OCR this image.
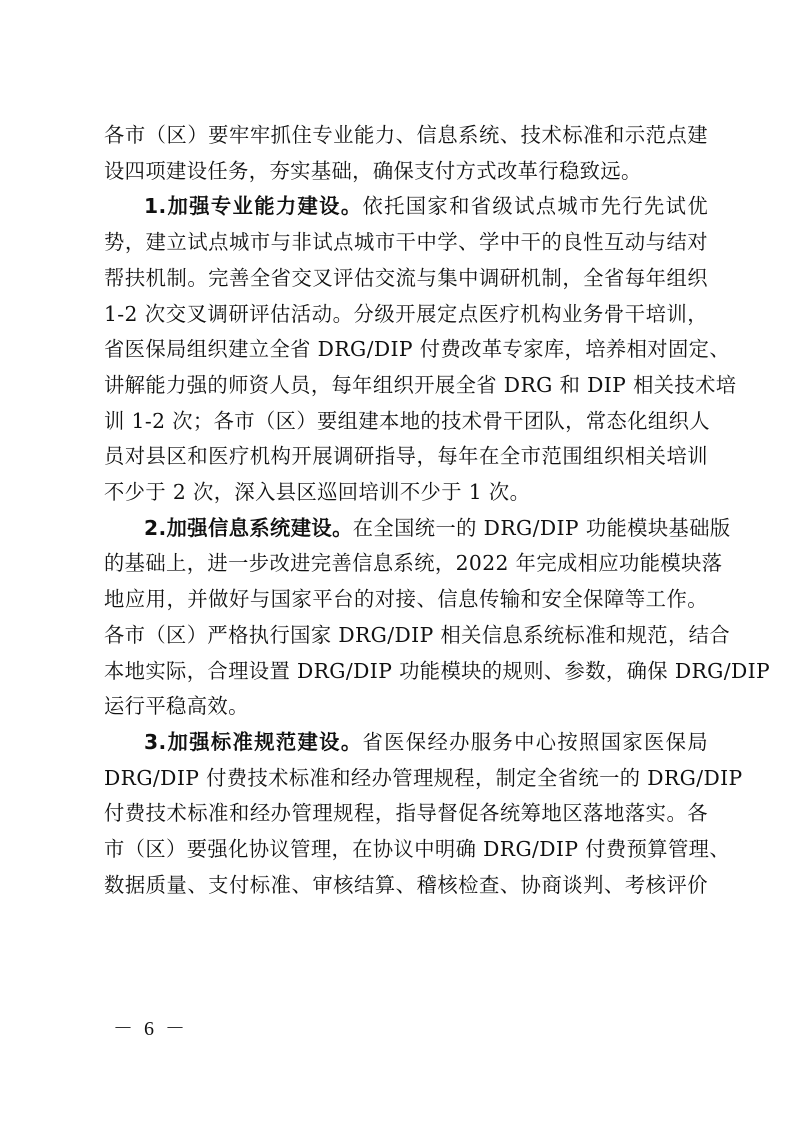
各市（区）要牢牢抓住专业能力、信息系统、技术标准和示范点建
设四项建设任务，夯实基础，确保支付方式改革行稳致远。

1.加强专业能力建设。依托国家和省级试点城市先行先试优
势，建立试点城市与非试点城市干中学、学中干的良性互动与结对
帮扶机制。完善全省交叉评估交流与集中调研机制，全省每年组织
1-2 次交叉调研评估活动。分级开展定点医疗机构业务骨干培训，
省医保局组织建立全省 DRG/DIP 付费改革专家库，培养相对固定、
讲解能力强的师资人员，每年组织开展全省 DRG 和 DIP 相关技术培
训 1-2 次；各市（区）要组建本地的技术骨干团队，常态化组织人
员对县区和医疗机构开展调研指导，每年在全市范围组织相关培训
不少于 2 次，深入县区巡回培训不少于 1 次。

2.加强信息系统建设。在全国统一的 DRG/DIP 功能模块基础版
的基础上，进一步改进完善信息系统，2022 年完成相应功能模块落
地应用，并做好与国家平台的对接、信息传输和安全保障等工作。
各市（区）严格执行国家 DRG/DIP 相关信息系统标准和规范，结合
本地实际，合理设置 DRG/DIP 功能模块的规则、参数，确保 DRG/DIP
运行平稳高效。

3.加强标准规范建设。省医保经办服务中心按照国家医保局
DRG/DIP 付费技术标准和经办管理规程，制定全省统一的 DRG/DIP
付费技术标准和经办管理规程，指导督促各统筹地区落地落实。各
市（区）要强化协议管理，在协议中明确 DRG/DIP 付费预算管理、
数据质量、支付标准、审核结算、稽核检查、协商谈判、考核评价

－ 6 －
